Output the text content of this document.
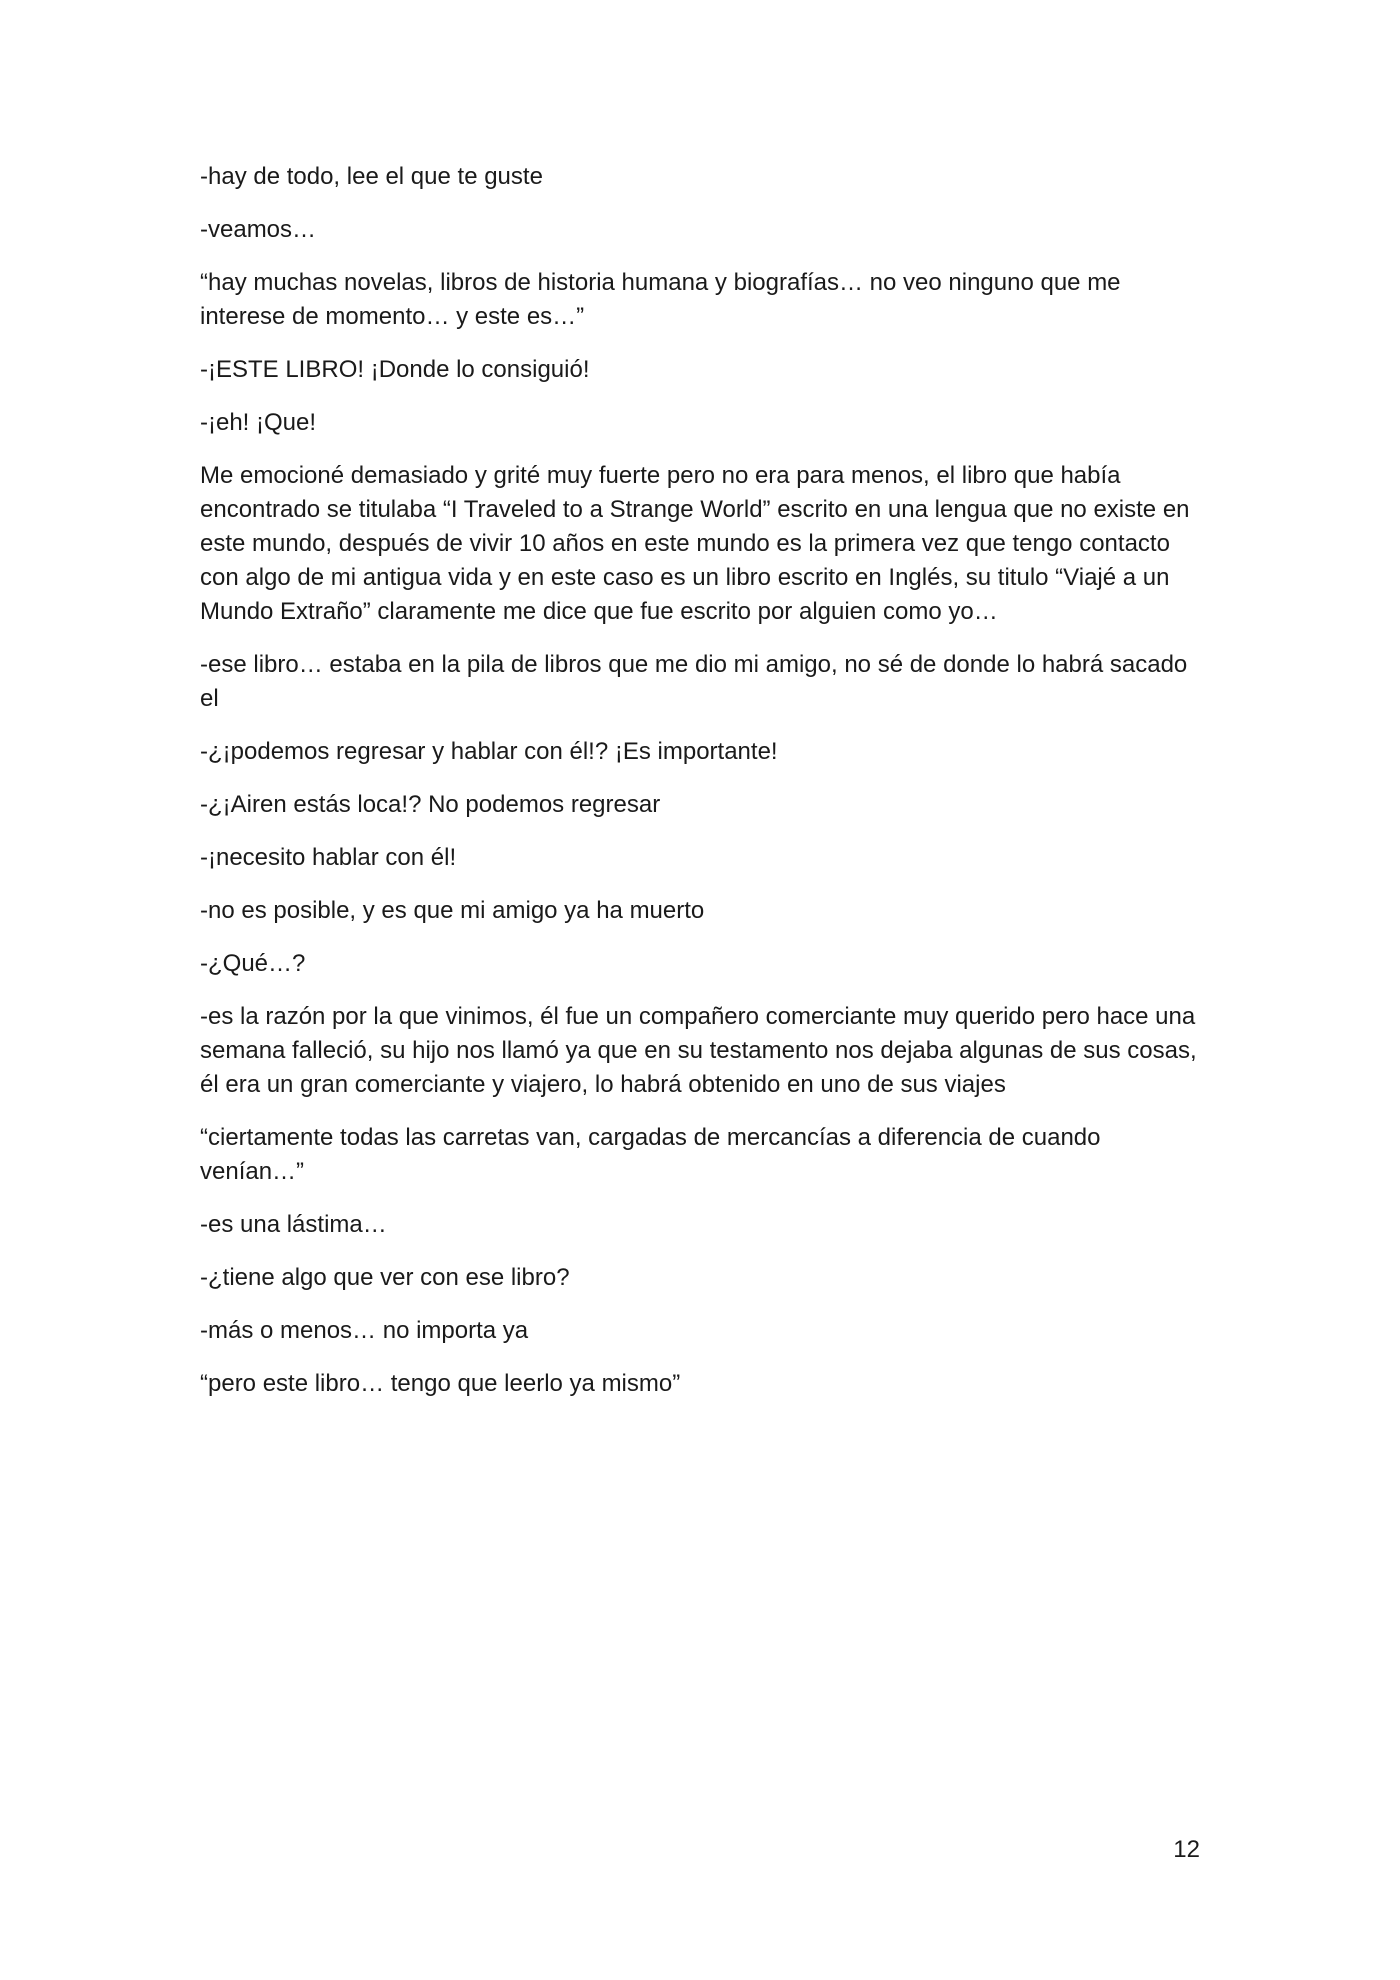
-hay de todo, lee el que te guste

-veamos…

“hay muchas novelas, libros de historia humana y biografías… no veo ninguno que me interese de momento… y este es…”

-¡ESTE LIBRO! ¡Donde lo consiguió!

-¡eh! ¡Que!

Me emocioné demasiado y grité muy fuerte pero no era para menos, el libro que había encontrado se titulaba “I Traveled to a Strange World” escrito en una lengua que no existe en este mundo, después de vivir 10 años en este mundo es la primera vez que tengo contacto con algo de mi antigua vida y en este caso es un libro escrito en Inglés, su titulo “Viajé a un Mundo Extraño” claramente me dice que fue escrito por alguien como yo…

-ese libro… estaba en la pila de libros que me dio mi amigo, no sé de donde lo habrá sacado el

-¿¡podemos regresar y hablar con él!? ¡Es importante!

-¿¡Airen estás loca!? No podemos regresar

-¡necesito hablar con él!

-no es posible, y es que mi amigo ya ha muerto

-¿Qué…?

-es la razón por la que vinimos, él fue un compañero comerciante muy querido pero hace una semana falleció, su hijo nos llamó ya que en su testamento nos dejaba algunas de sus cosas, él era un gran comerciante y viajero, lo habrá obtenido en uno de sus viajes

“ciertamente todas las carretas van, cargadas de mercancías a diferencia de cuando venían…”

-es una lástima…

-¿tiene algo que ver con ese libro?

-más o menos… no importa ya

“pero este libro… tengo que leerlo ya mismo”

12
